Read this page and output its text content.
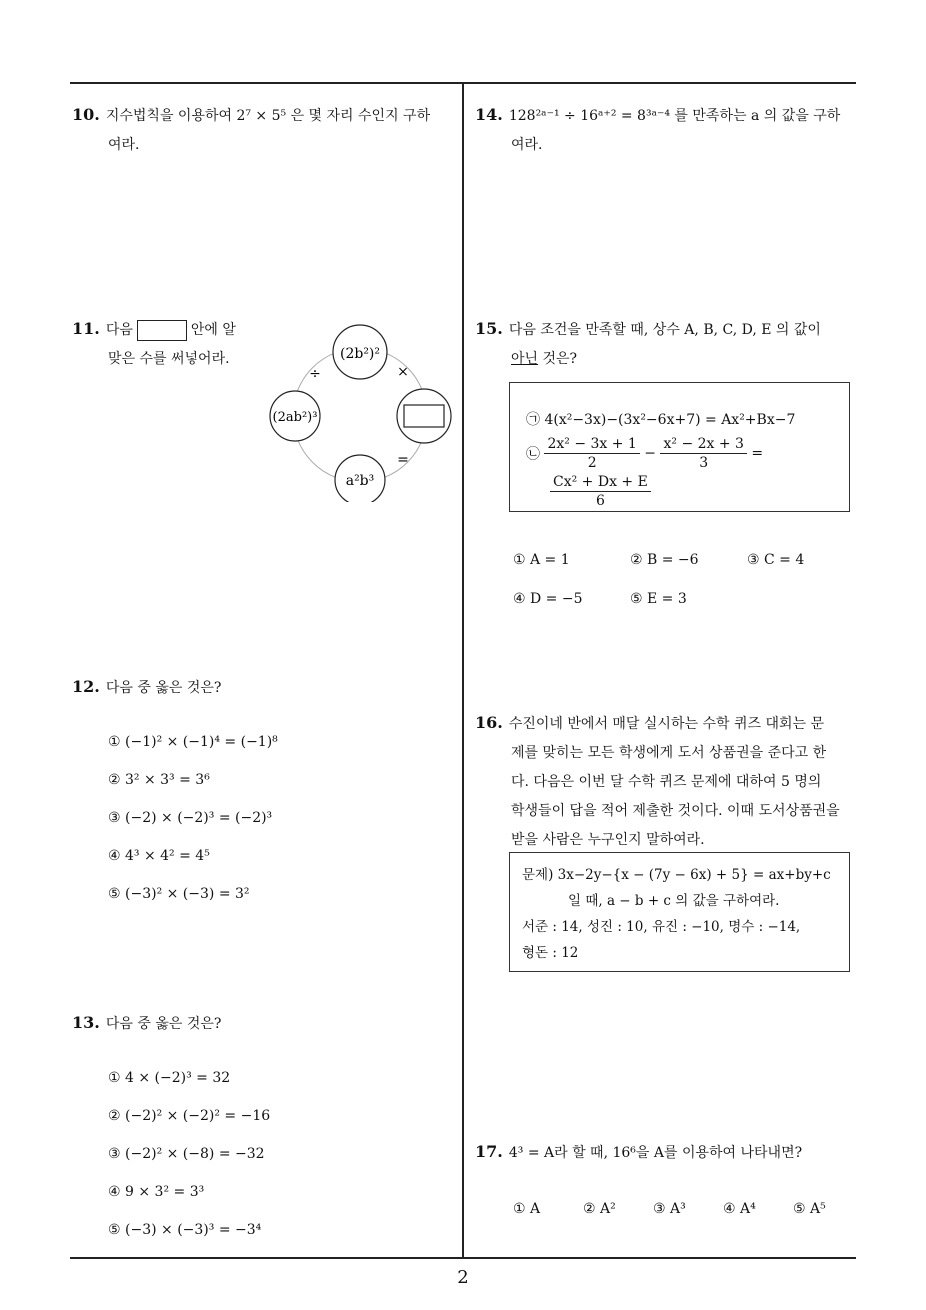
10. 지수법칙을 이용하여 2⁷ × 5⁵ 은 몇 자리 수인지 구하
여라.
11. 다음	안에 알
맞은 수를 써넣어라.	(2b²)²
(2ab²)³
a²b³
÷	×
=
12. 다음 중 옳은 것은?
① (−1)² × (−1)⁴ = (−1)⁸
② 3² × 3³ = 3⁶
③ (−2) × (−2)³ = (−2)³
④ 4³ × 4² = 4⁵
⑤ (−3)² × (−3) = 3²
13. 다음 중 옳은 것은?
① 4 × (−2)³ = 32
② (−2)² × (−2)² = −16
③ (−2)² × (−8) = −32
④ 9 × 3² = 3³
⑤ (−3) × (−3)³ = −3⁴
14. 128²ᵃ⁻¹ ÷ 16ᵃ⁺² = 8³ᵃ⁻⁴ 를 만족하는 a 의 값을 구하
여라.
15. 다음 조건을 만족할 때, 상수 A, B, C, D, E 의 값이
아닌 것은?
㉠ 4(x²−3x)−(3x²−6x+7) = Ax²+Bx−7
㉡ $\frac{\text{2x² − 3x + 1}}{2} - \frac{\text{x² − 2x + 3}}{3}$ =
$\frac{\text{Cx² + Dx + E}}{6}$
① A = 1	② B = −6	③ C = 4
④ D = −5	⑤ E = 3
16. 수진이네 반에서 매달 실시하는 수학 퀴즈 대회는 문
제를 맞히는 모든 학생에게 도서 상품권을 준다고 한
다. 다음은 이번 달 수학 퀴즈 문제에 대하여 5 명의
학생들이 답을 적어 제출한 것이다. 이때 도서상품권을
받을 사람은 누구인지 말하여라.
문제) 3x−2y−{x − (7y − 6x) + 5} = ax+by+c
일 때, a − b + c 의 값을 구하여라.
서준 : 14, 성진 : 10, 유진 : −10, 명수 : −14,
형돈 : 12
17. 4³ = A라 할 때, 16⁶을 A를 이용하여 나타내면?
① A	② A²	③ A³	④ A⁴	⑤ A⁵
2
